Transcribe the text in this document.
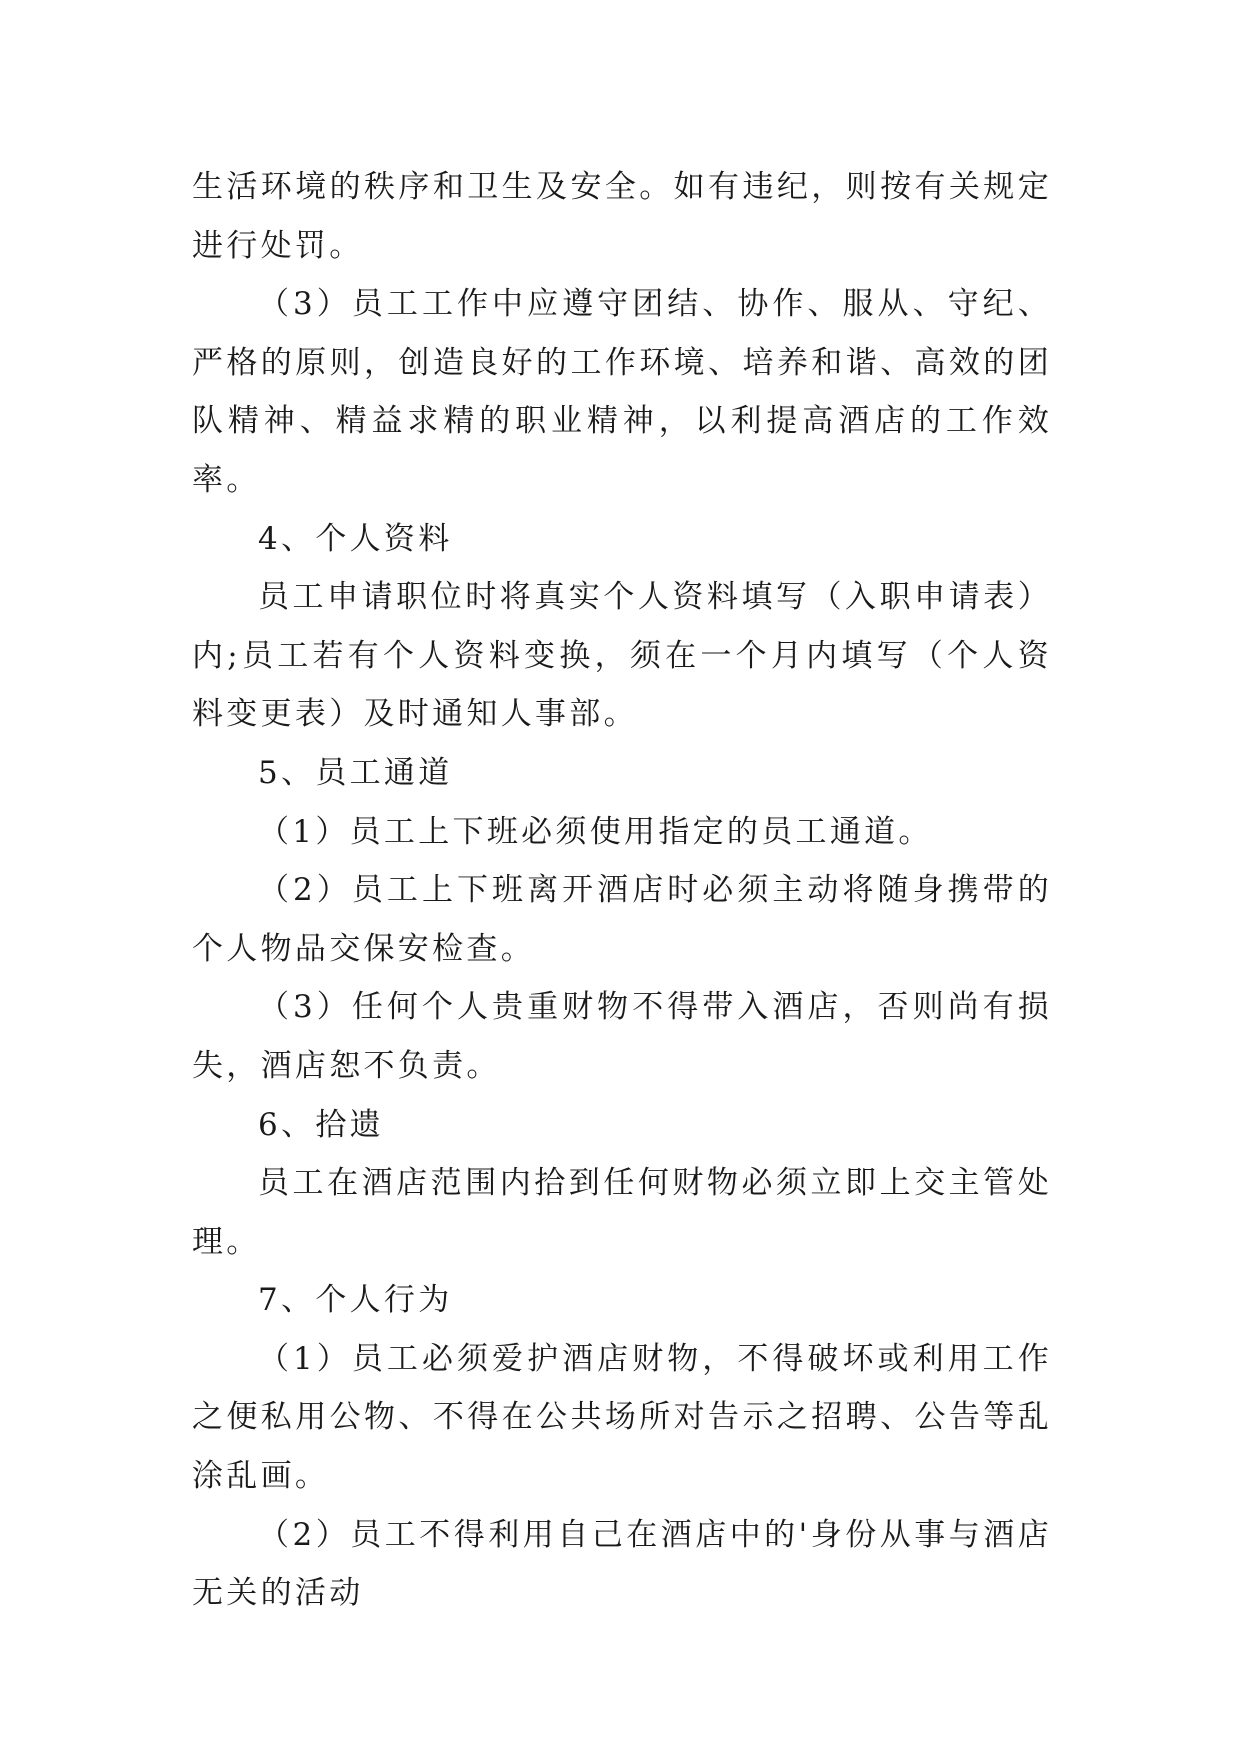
生活环境的秩序和卫生及安全。如有违纪，则按有关规定进行处罚。

（3）员工工作中应遵守团结、协作、服从、守纪、严格的原则，创造良好的工作环境、培养和谐、高效的团队精神、精益求精的职业精神，以利提高酒店的工作效率。

4、个人资料

员工申请职位时将真实个人资料填写（入职申请表）内;员工若有个人资料变换，须在一个月内填写（个人资料变更表）及时通知人事部。

5、员工通道

（1）员工上下班必须使用指定的员工通道。

（2）员工上下班离开酒店时必须主动将随身携带的个人物品交保安检查。

（3）任何个人贵重财物不得带入酒店，否则尚有损失，酒店恕不负责。

6、拾遗

员工在酒店范围内拾到任何财物必须立即上交主管处理。

7、个人行为

（1）员工必须爱护酒店财物，不得破坏或利用工作之便私用公物、不得在公共场所对告示之招聘、公告等乱涂乱画。

（2）员工不得利用自己在酒店中的'身份从事与酒店无关的活动
